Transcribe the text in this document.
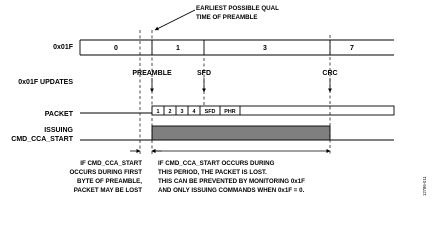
EARLIEST POSSIBLE QUAL
TIME OF PREAMBLE
0x01F	0	1	3	7
0x01F UPDATES
PREAMBLE	SFD	CRC
PACKET	1 2 3 4 SFD PHR
ISSUING
CMD_CCA_START
IF CMD_CCA_START
OCCURS DURING FIRST
BYTE OF PREAMBLE,
PACKET MAY BE LOST
IF CMD_CCA_START OCCURS DURING
THIS PERIOD, THE PACKET IS LOST.
THIS CAN BE PREVENTED BY MONITORING 0x1F
AND ONLY ISSUING COMMANDS WHEN 0x1F = 0.	12786-011
